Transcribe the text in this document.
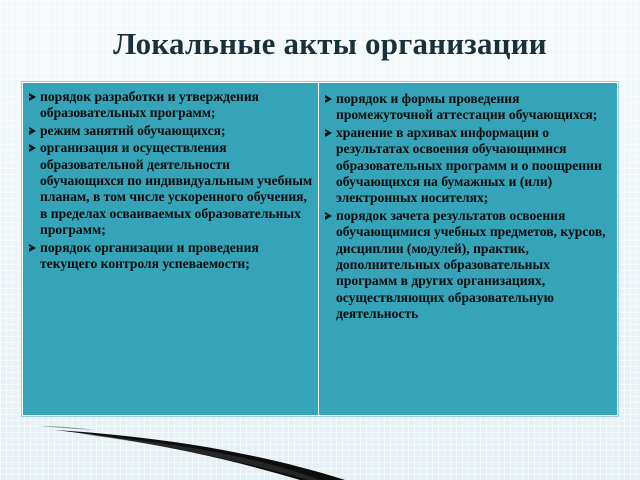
Локальные акты организации
порядок разработки и утверждения образовательных программ;
режим занятий обучающихся;
организация и осуществления образовательной деятельности обучающихся по индивидуальным учебным планам, в том числе ускоренного обучения, в пределах осваиваемых образовательных программ;
порядок организации и проведения текущего контроля успеваемости;
порядок и формы проведения промежуточной аттестации обучающихся;
хранение в архивах информации о результатах освоения обучающимися образовательных программ и о поощрении обучающихся на бумажных и (или) электронных носителях;
порядок зачета результатов освоения обучающимися учебных предметов, курсов, дисциплин (модулей), практик, дополнительных образовательных программ в других организациях, осуществляющих образовательную деятельность
